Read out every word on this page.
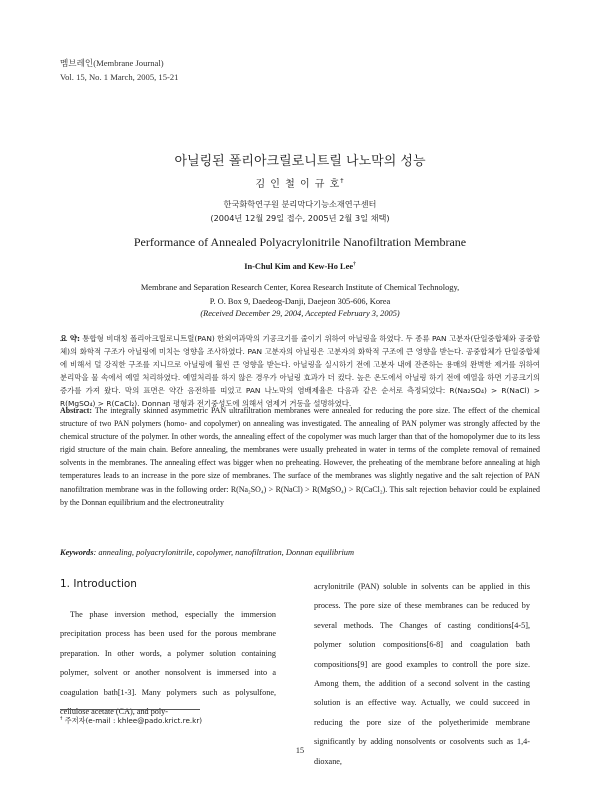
멤브레인(Membrane Journal)
Vol. 15, No. 1 March, 2005, 15-21
아닐링된 폴리아크릴로니트릴 나노막의 성능
김 인 철 이 규 호†
한국화학연구원 분리막다기능소재연구센터
(2004년 12월 29일 접수, 2005년 2월 3일 채택)
Performance of Annealed Polyacrylonitrile Nanofiltration Membrane
In-Chul Kim and Kew-Ho Lee†
Membrane and Separation Research Center, Korea Research Institute of Chemical Technology,
P. O. Box 9, Daedeog-Danji, Daejeon 305-606, Korea
(Received December 29, 2004, Accepted February 3, 2005)
요 약: 통합형 비대칭 폴리아크릴로니트릴(PAN) 한외여과막의 기공크기를 줄이기 위하여 아닐링을 하였다. 두 종류 PAN 고분자(단일중합체와 공중합체)의 화학적 구조가 아닐링에 미치는 영향을 조사하였다. PAN 고분자의 아닐링은 고분자의 화학적 구조에 큰 영향을 받는다. 공중합체가 단일중합체에 비해서 덜 강직한 구조를 지니므로 아닐링에 훨씬 큰 영향을 받는다. 아닐링을 실시하기 전에 고분자 내에 잔존하는 용매의 완벽한 제거를 위하여 분리막을 물 속에서 예열 처리하였다. 예열처리를 하지 않은 경우가 아닐링 효과가 더 컸다. 높은 온도에서 아닐링 하기 전에 예열을 하면 기공크기의 증가를 가져 왔다. 막의 표면은 약간 음전하를 띠었고 PAN 나노막의 염배제율은 다음과 같은 순서로 측정되었다: R(Na₂SO₄) > R(NaCl) > R(MgSO₄) > R(CaCl₂). Donnan 평형과 전기중성도에 의해서 염제거 거동을 설명하였다.
Abstract: The integrally skinned asymmetric PAN ultrafiltration membranes were annealed for reducing the pore size. The effect of the chemical structure of two PAN polymers (homo- and copolymer) on annealing was investigated. The annealing of PAN polymer was strongly affected by the chemical structure of the polymer. In other words, the annealing effect of the copolymer was much larger than that of the homopolymer due to its less rigid structure of the main chain. Before annealing, the membranes were usually preheated in water in terms of the complete removal of remained solvents in the membranes. The annealing effect was bigger when no preheating. However, the preheating of the membrane before annealing at high temperatures leads to an increase in the pore size of membranes. The surface of the membranes was slightly negative and the salt rejection of PAN nanofiltration membrane was in the following order: R(Na₂SO₄) > R(NaCl) > R(MgSO₄) > R(CaCl₂). This salt rejection behavior could be explained by the Donnan equilibrium and the electroneutrality
Keywords: annealing, polyacrylonitrile, copolymer, nanofiltration, Donnan equilibrium
1. Introduction
The phase inversion method, especially the immersion precipitation process has been used for the porous membrane preparation. In other words, a polymer solution containing polymer, solvent or another nonsolvent is immersed into a coagulation bath[1-3]. Many polymers such as polysulfone, cellulose acetate (CA), and poly-
acrylonitrile (PAN) soluble in solvents can be applied in this process. The pore size of these membranes can be reduced by several methods. The Changes of casting conditions[4-5], polymer solution compositions[6-8] and coagulation bath compositions[9] are good examples to controll the pore size. Among them, the addition of a second solvent in the casting solution is an effective way. Actually, we could succeed in reducing the pore size of the polyetherimide membrane significantly by adding nonsolvents or cosolvents such as 1,4-dioxane,
† 주저자(e-mail : khlee@pado.krict.re.kr)
15
